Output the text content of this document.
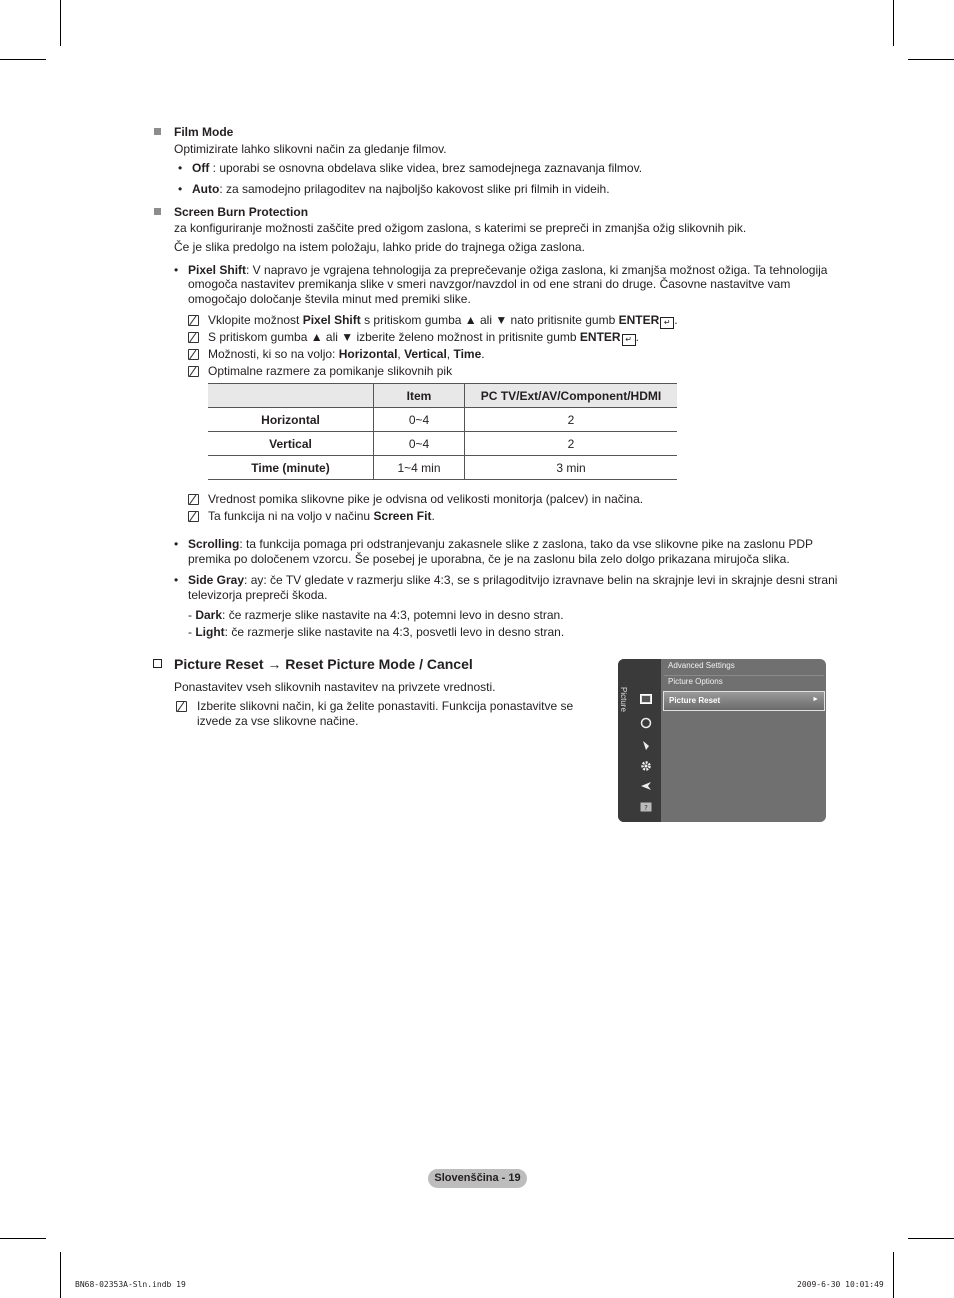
Film Mode
Optimizirate lahko slikovni način za gledanje filmov.
• Off : uporabi se osnovna obdelava slike videa, brez samodejnega zaznavanja filmov.
• Auto: za samodejno prilagoditev na najboljšo kakovost slike pri filmih in videih.
Screen Burn Protection
za konfiguriranje možnosti zaščite pred ožigom zaslona, s katerimi se prepreči in zmanjša ožig slikovnih pik.
Če je slika predolgo na istem položaju, lahko pride do trajnega ožiga zaslona.
• Pixel Shift: V napravo je vgrajena tehnologija za preprečevanje ožiga zaslona, ki zmanjša možnost ožiga. Ta tehnologija
omogoča nastavitev premikanja slike v smeri navzgor/navzdol in od ene strani do druge. Časovne nastavitve vam
omogočajo določanje števila minut med premiki slike.
Vklopite možnost Pixel Shift s pritiskom gumba ▲ ali ▼ nato pritisnite gumb ENTER ↵ .
S pritiskom gumba ▲ ali ▼ izberite želeno možnost in pritisnite gumb ENTER ↵ .
Možnosti, ki so na voljo: Horizontal, Vertical, Time.
Optimalne razmere za pomikanje slikovnih pik
	Item	PC TV/Ext/AV/Component/HDMI
Horizontal	0~4	2
Vertical	0~4	2
Time (minute)	1~4 min	3 min
Vrednost pomika slikovne pike je odvisna od velikosti monitorja (palcev) in načina.
Ta funkcija ni na voljo v načinu Screen Fit.
• Scrolling: ta funkcija pomaga pri odstranjevanju zakasnele slike z zaslona, tako da vse slikovne pike na zaslonu PDP
premika po določenem vzorcu. Še posebej je uporabna, če je na zaslonu bila zelo dolgo prikazana mirujoča slika.
• Side Gray: ay: če TV gledate v razmerju slike 4:3, se s prilagoditvijo izravnave belin na skrajnje levi in skrajnje desni strani
televizorja prepreči škoda.
- Dark: če razmerje slike nastavite na 4:3, potemni levo in desno stran.
- Light: če razmerje slike nastavite na 4:3, posvetli levo in desno stran.
Picture Reset → Reset Picture Mode / Cancel
Ponastavitev vseh slikovnih nastavitev na privzete vrednosti.
Izberite slikovni način, ki ga želite ponastaviti. Funkcija ponastavitve se
izvede za vse slikovne načine.
Picture
?
Advanced Settings
Picture Options
Picture Reset	►
Slovenščina - 19
BN68-02353A-Sln.indb 19	2009-6-30 10:01:49
